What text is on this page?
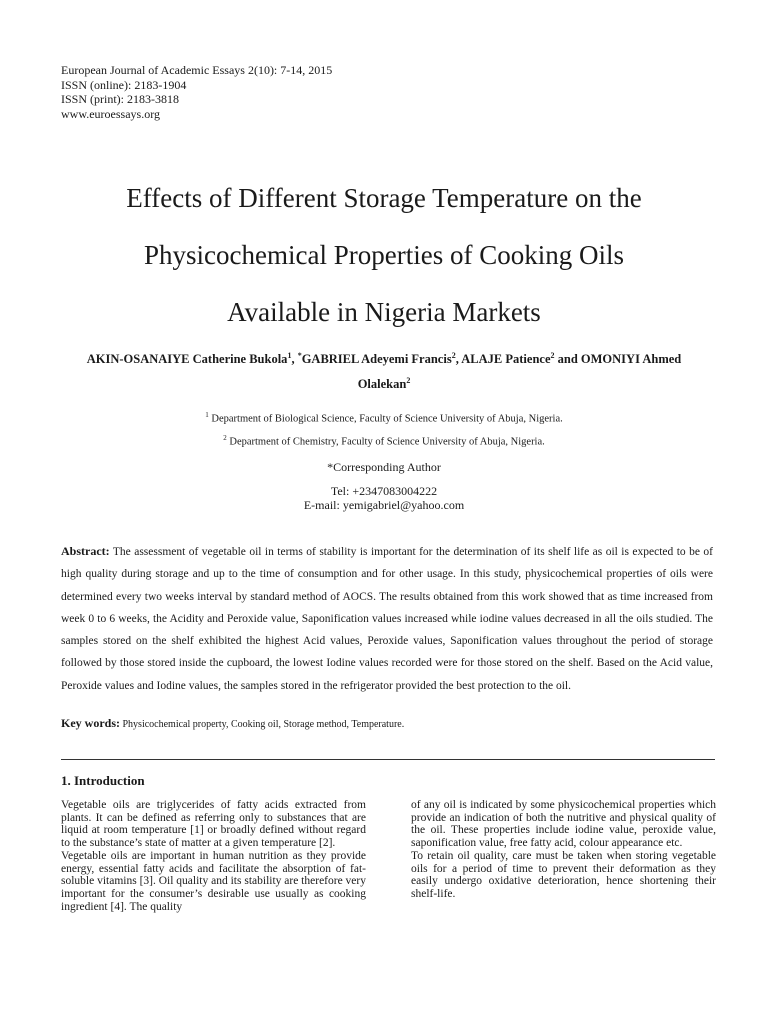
European Journal of Academic Essays 2(10): 7-14, 2015
ISSN (online): 2183-1904
ISSN (print): 2183-3818
www.euroessays.org
Effects of Different Storage Temperature on the
Physicochemical Properties of Cooking Oils
Available in Nigeria Markets
AKIN-OSANAIYE Catherine Bukola$^1$, *GABRIEL Adeyemi Francis$^2$, ALAJE Patience$^2$ and OMONIYI Ahmed Olalekan$^2$
$^1$ Department of Biological Science, Faculty of Science University of Abuja, Nigeria.
$^2$ Department of Chemistry, Faculty of Science University of Abuja, Nigeria.
*Corresponding Author
Tel: +2347083004222
E-mail: yemigabriel@yahoo.com
Abstract: The assessment of vegetable oil in terms of stability is important for the determination of its shelf life as oil is expected to be of high quality during storage and up to the time of consumption and for other usage. In this study, physicochemical properties of oils were determined every two weeks interval by standard method of AOCS. The results obtained from this work showed that as time increased from week 0 to 6 weeks, the Acidity and Peroxide value, Saponification values increased while iodine values decreased in all the oils studied. The samples stored on the shelf exhibited the highest Acid values, Peroxide values, Saponification values throughout the period of storage followed by those stored inside the cupboard, the lowest Iodine values recorded were for those stored on the shelf. Based on the Acid value, Peroxide values and Iodine values, the samples stored in the refrigerator provided the best protection to the oil.
Key words: Physicochemical property, Cooking oil, Storage method, Temperature.
1. Introduction

Vegetable oils are triglycerides of fatty acids extracted from plants. It can be defined as referring only to substances that are liquid at room temperature [1] or broadly defined without regard to the substance’s state of matter at a given temperature [2].

Vegetable oils are important in human nutrition as they provide energy, essential fatty acids and facilitate the absorption of fat-soluble vitamins [3]. Oil quality and its stability are therefore very important for the consumer’s desirable use usually as cooking ingredient [4]. The quality

of any oil is indicated by some physicochemical properties which provide an indication of both the nutritive and physical quality of the oil. These properties include iodine value, peroxide value, saponification value, free fatty acid, colour appearance etc.

To retain oil quality, care must be taken when storing vegetable oils for a period of time to prevent their deformation as they easily undergo oxidative deterioration, hence shortening their shelf-life.
